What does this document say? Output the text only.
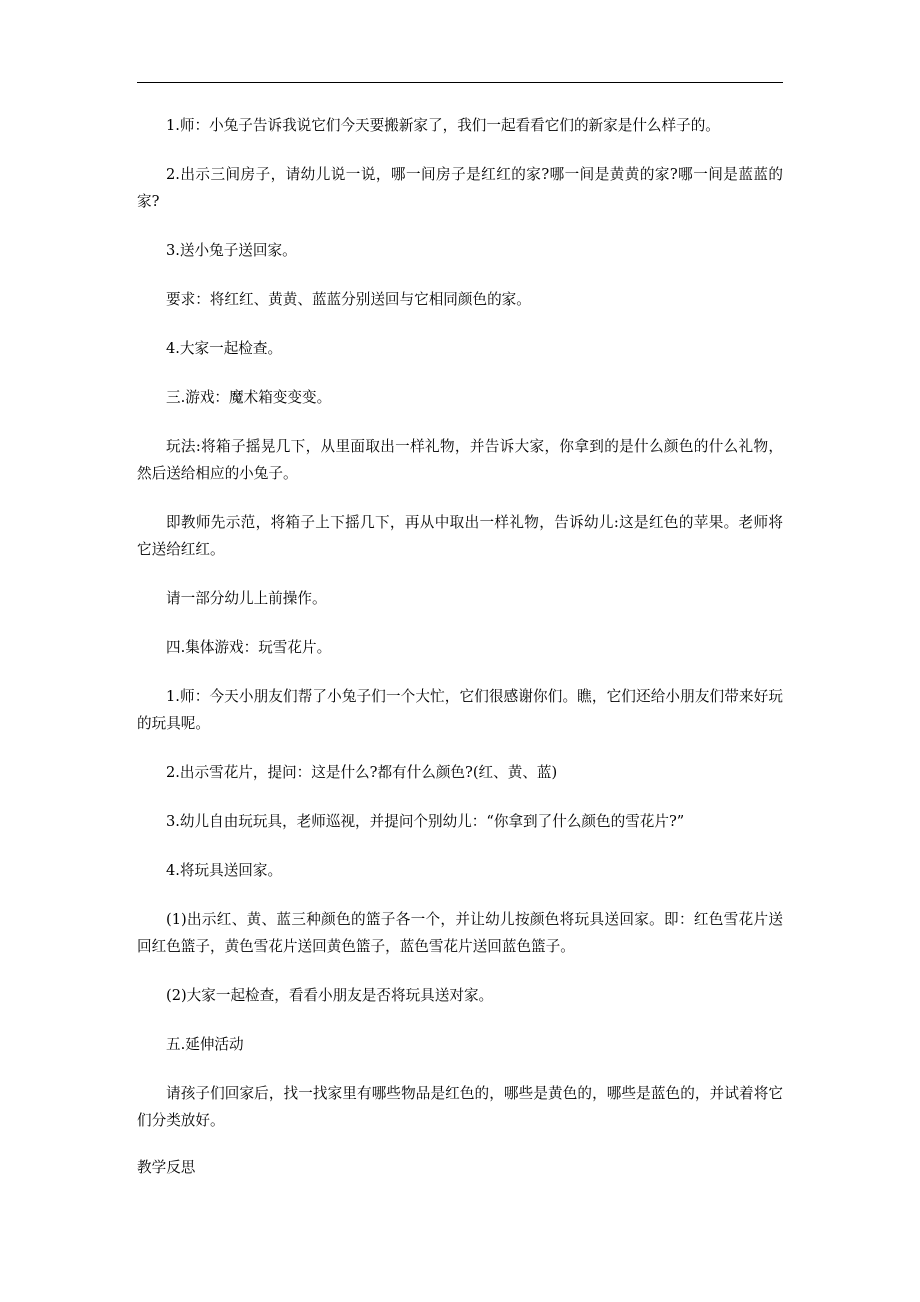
1.师：小兔子告诉我说它们今天要搬新家了，我们一起看看它们的新家是什么样子的。

2.出示三间房子，请幼儿说一说，哪一间房子是红红的家?哪一间是黄黄的家?哪一间是蓝蓝的家?

3.送小兔子送回家。

要求：将红红、黄黄、蓝蓝分别送回与它相同颜色的家。

4.大家一起检查。

三.游戏：魔术箱变变变。

玩法:将箱子摇晃几下，从里面取出一样礼物，并告诉大家，你拿到的是什么颜色的什么礼物，然后送给相应的小兔子。

即教师先示范，将箱子上下摇几下，再从中取出一样礼物，告诉幼儿:这是红色的苹果。老师将它送给红红。

请一部分幼儿上前操作。

四.集体游戏：玩雪花片。

1.师：今天小朋友们帮了小兔子们一个大忙，它们很感谢你们。瞧，它们还给小朋友们带来好玩的玩具呢。

2.出示雪花片，提问：这是什么?都有什么颜色?(红、黄、蓝)

3.幼儿自由玩玩具，老师巡视，并提问个别幼儿：“你拿到了什么颜色的雪花片?”

4.将玩具送回家。

(1)出示红、黄、蓝三种颜色的篮子各一个，并让幼儿按颜色将玩具送回家。即：红色雪花片送回红色篮子，黄色雪花片送回黄色篮子，蓝色雪花片送回蓝色篮子。

(2)大家一起检查，看看小朋友是否将玩具送对家。

五.延伸活动

请孩子们回家后，找一找家里有哪些物品是红色的，哪些是黄色的，哪些是蓝色的，并试着将它们分类放好。

教学反思
